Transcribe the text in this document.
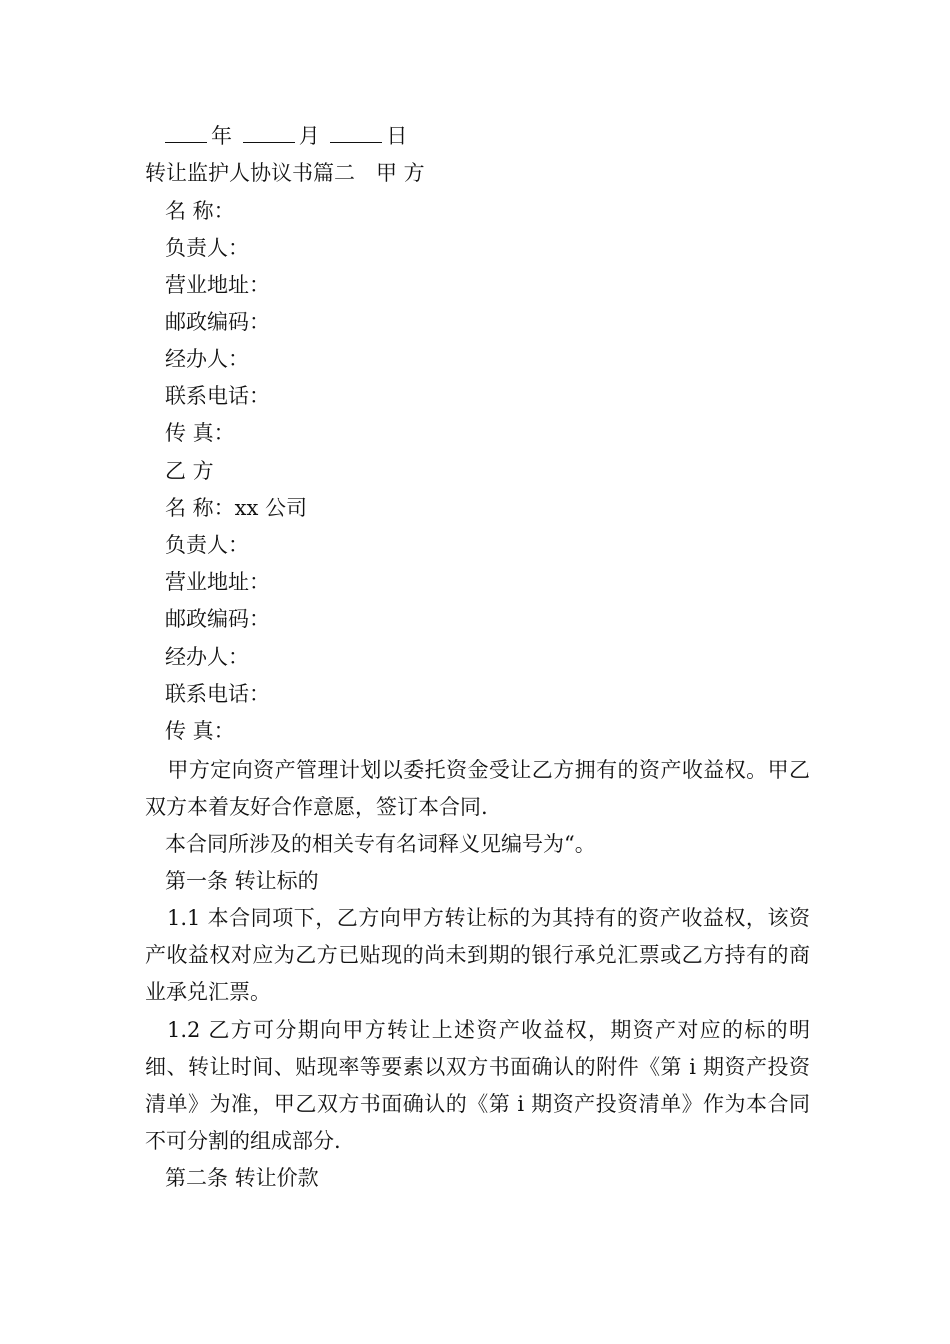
年	月	日
转让监护人协议书篇二　甲 方
名 称：
负责人：
营业地址：
邮政编码：
经办人：
联系电话：
传 真：
乙 方
名 称：xx 公司
负责人：
营业地址：
邮政编码：
经办人：
联系电话：
传 真：
甲方定向资产管理计划以委托资金受让乙方拥有的资产收益权。甲乙双方本着友好合作意愿，签订本合同.
本合同所涉及的相关专有名词释义见编号为“。
第一条 转让标的
1.1 本合同项下，乙方向甲方转让标的为其持有的资产收益权，该资产收益权对应为乙方已贴现的尚未到期的银行承兑汇票或乙方持有的商业承兑汇票。
1.2 乙方可分期向甲方转让上述资产收益权，期资产对应的标的明细、转让时间、贴现率等要素以双方书面确认的附件《第 i 期资产投资清单》为准，甲乙双方书面确认的《第 i 期资产投资清单》作为本合同不可分割的组成部分.
第二条 转让价款
